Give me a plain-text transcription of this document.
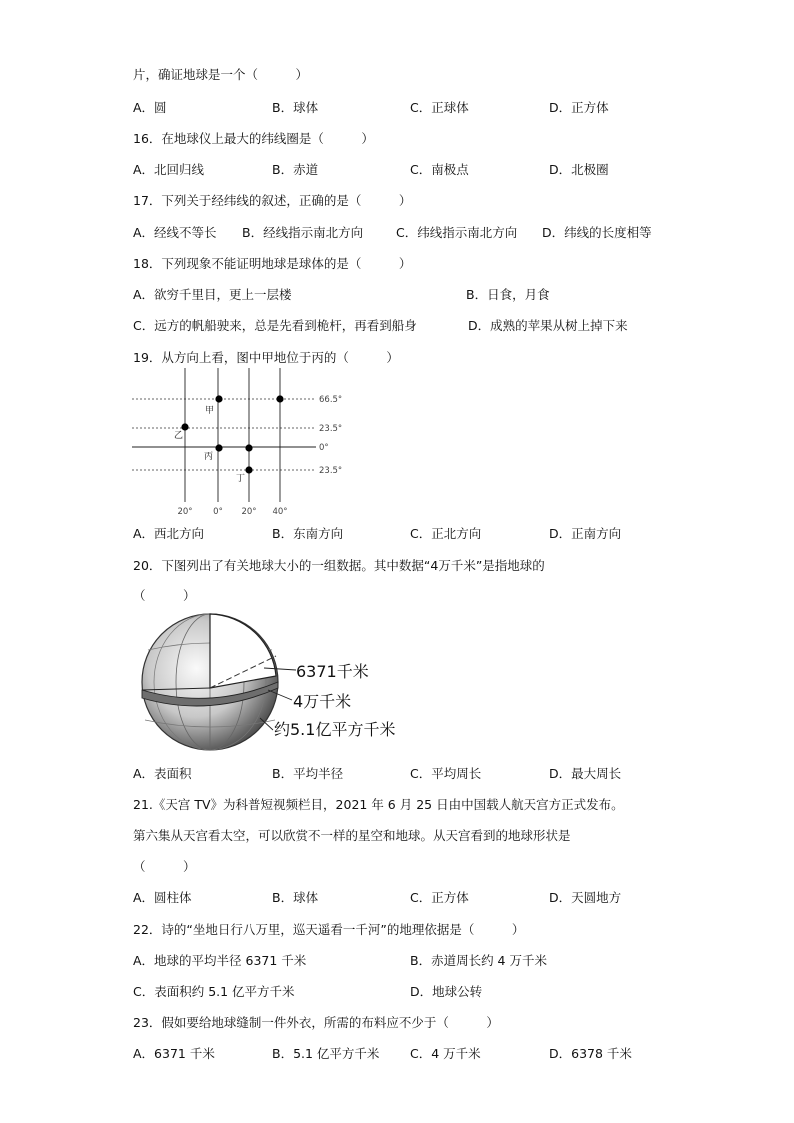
片，确证地球是一个（　　　）
A．圆	B．球体	C．正球体	D．正方体
16．在地球仪上最大的纬线圈是（　　　）
A．北回归线	B．赤道	C．南极点	D．北极圈
17．下列关于经纬线的叙述，正确的是（　　　）
A．经线不等长 B．经线指示南北方向	C．纬线指示南北方向 D．纬线的长度相等
18．下列现象不能证明地球是球体的是（　　　）
A．欲穷千里目，更上一层楼	B．日食，月食
C．远方的帆船驶来，总是先看到桅杆，再看到船身	D．成熟的苹果从树上掉下来
19．从方向上看，图中甲地位于丙的（　　　）
甲
乙
丙
丁
66.5°
23.5°
0°
23.5°
20° 0° 20° 40°
A．西北方向	B．东南方向	C．正北方向	D．正南方向
20．下图列出了有关地球大小的一组数据。其中数据“4万千米”是指地球的
（　　　）
6371千米
4万千米
约5.1亿平方千米
A．表面积	B．平均半径	C．平均周长	D．最大周长
21.《天宫 TV》为科普短视频栏目，2021 年 6 月 25 日由中国载人航天宫方正式发布。
第六集从天宫看太空，可以欣赏不一样的星空和地球。从天宫看到的地球形状是
（　　　）
A．圆柱体	B．球体	C．正方体	D．天圆地方
22．诗的“坐地日行八万里，巡天遥看一千河”的地理依据是（　　　）
A．地球的平均半径 6371 千米	B．赤道周长约 4 万千米
C．表面积约 5.1 亿平方千米	D．地球公转
23．假如要给地球缝制一件外衣，所需的布料应不少于（　　　）
A．6371 千米	B．5.1 亿平方千米 C．4 万千米	D．6378 千米
